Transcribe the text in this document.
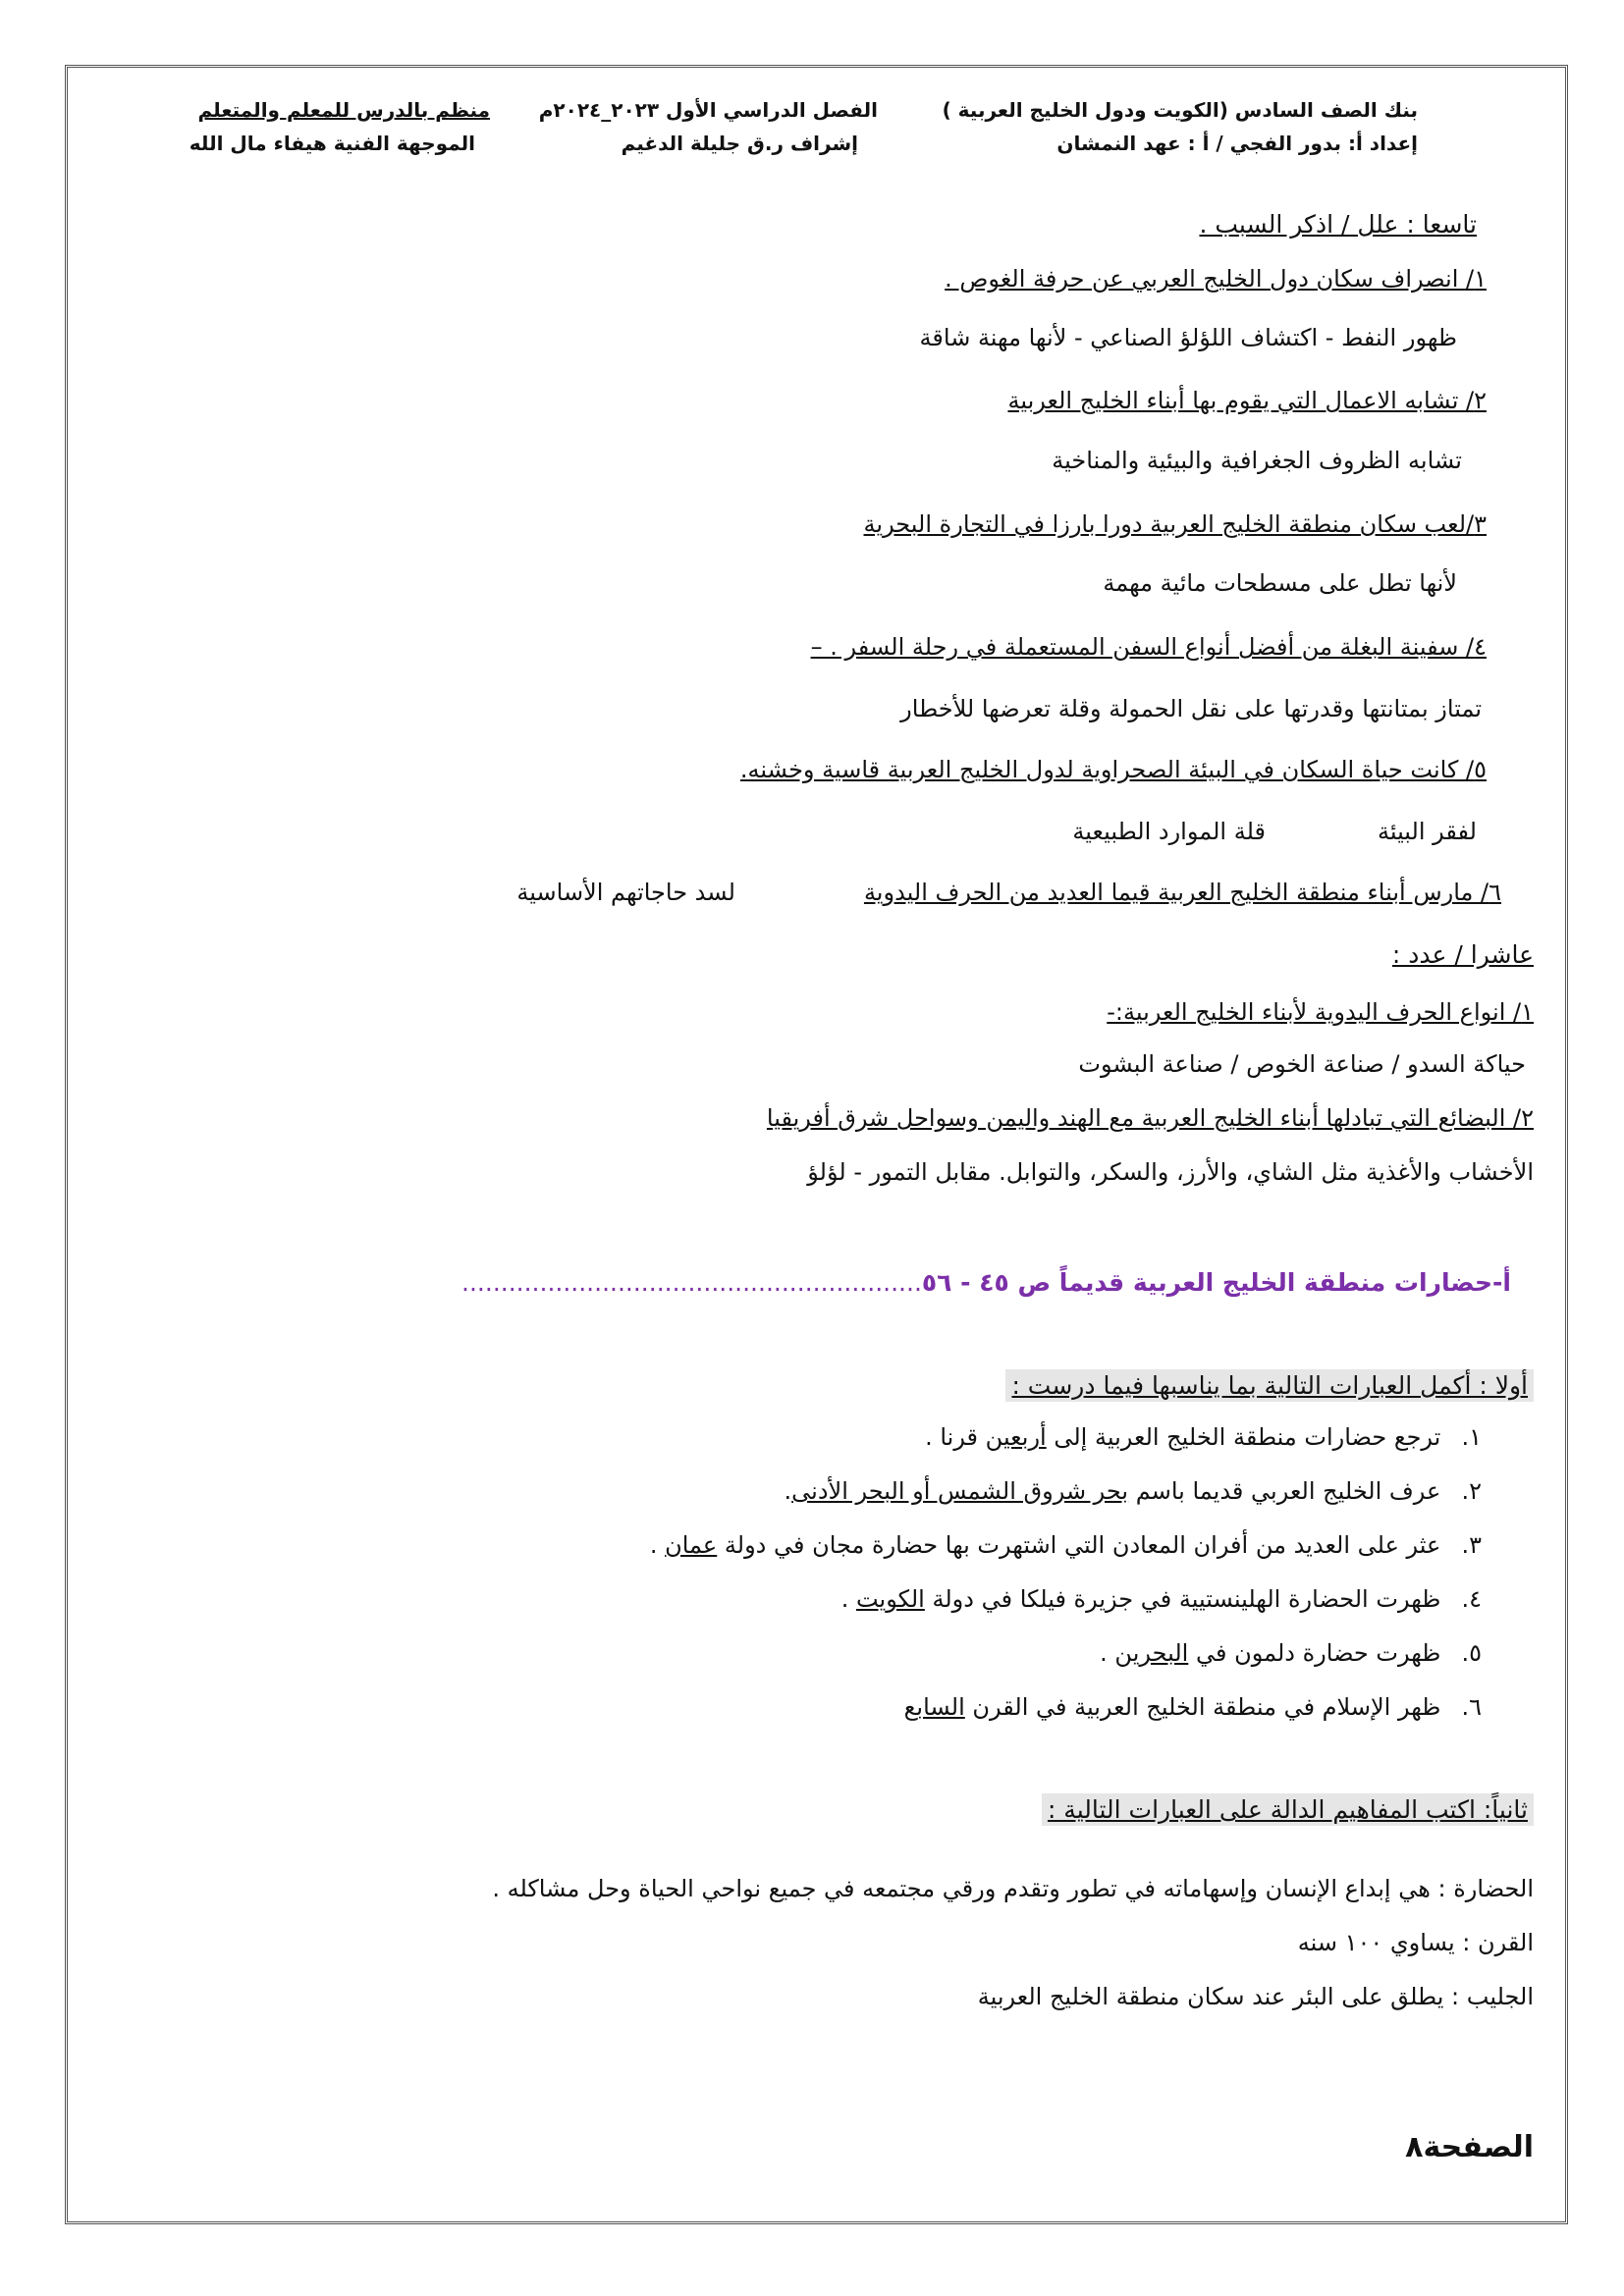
بنك الصف السادس (الكويت ودول الخليج العربية )
إعداد أ: بدور الفجي / أ : عهد النمشان
الفصل الدراسي الأول ٢٠٢٣_٢٠٢٤م
إشراف ر.ق جليلة الدغيم
منظم بالدرس للمعلم والمتعلم
الموجهة الفنية هيفاء مال الله
تاسعا : علل / اذكر السبب .
١/ انصراف سكان دول الخليج العربي عن حرفة الغوص .
ظهور النفط - اكتشاف اللؤلؤ الصناعي - لأنها مهنة شاقة
٢/ تشابه الاعمال التي يقوم بها أبناء الخليج العربية
تشابه الظروف الجغرافية والبيئية والمناخية
٣/لعب سكان منطقة الخليج العربية دورا بارزا في التجارة البحرية
لأنها تطل على مسطحات مائية مهمة
٤/ سفينة البغلة من أفضل أنواع السفن المستعملة في رحلة السفر . –
تمتاز بمتانتها وقدرتها على نقل الحمولة وقلة تعرضها للأخطار
٥/ كانت حياة السكان في البيئة الصحراوية لدول الخليج العربية قاسية وخشنه.
لفقر البيئة
قلة الموارد الطبيعية
٦/ مارس أبناء منطقة الخليج العربية قيما العديد من الحرف اليدوية
لسد حاجاتهم الأساسية
عاشرا / عدد :
١/ انواع الحرف اليدوية لأبناء الخليج العربية:-
حياكة السدو / صناعة الخوص / صناعة البشوت
٢/ البضائع التي تبادلها أبناء الخليج العربية مع الهند واليمن وسواحل شرق أفريقيا
الأخشاب والأغذية مثل الشاي، والأرز، والسكر، والتوابل. مقابل التمور - لؤلؤ
أ-حضارات منطقة الخليج العربية قديماً ص ٤٥ - ٥٦...........................................................
أولا : أكمل العبارات التالية بما يناسبها فيما درست :
١. ترجع حضارات منطقة الخليج العربية إلى أربعين قرنا .
٢. عرف الخليج العربي قديما باسم بحر شروق الشمس أو البحر الأدنى.
٣. عثر على العديد من أفران المعادن التي اشتهرت بها حضارة مجان في دولة عمان .
٤. ظهرت الحضارة الهلينستيية في جزيرة فيلكا في دولة الكويت .
٥. ظهرت حضارة دلمون في البحرين .
٦. ظهر الإسلام في منطقة الخليج العربية في القرن السابع
ثانياً: اكتب المفاهيم الدالة على العبارات التالية :
الحضارة : هي إبداع الإنسان وإسهاماته في تطور وتقدم ورقي مجتمعه في جميع نواحي الحياة وحل مشاكله .
القرن : يساوي ١٠٠ سنه
الجليب : يطلق على البئر عند سكان منطقة الخليج العربية
الصفحة٨
